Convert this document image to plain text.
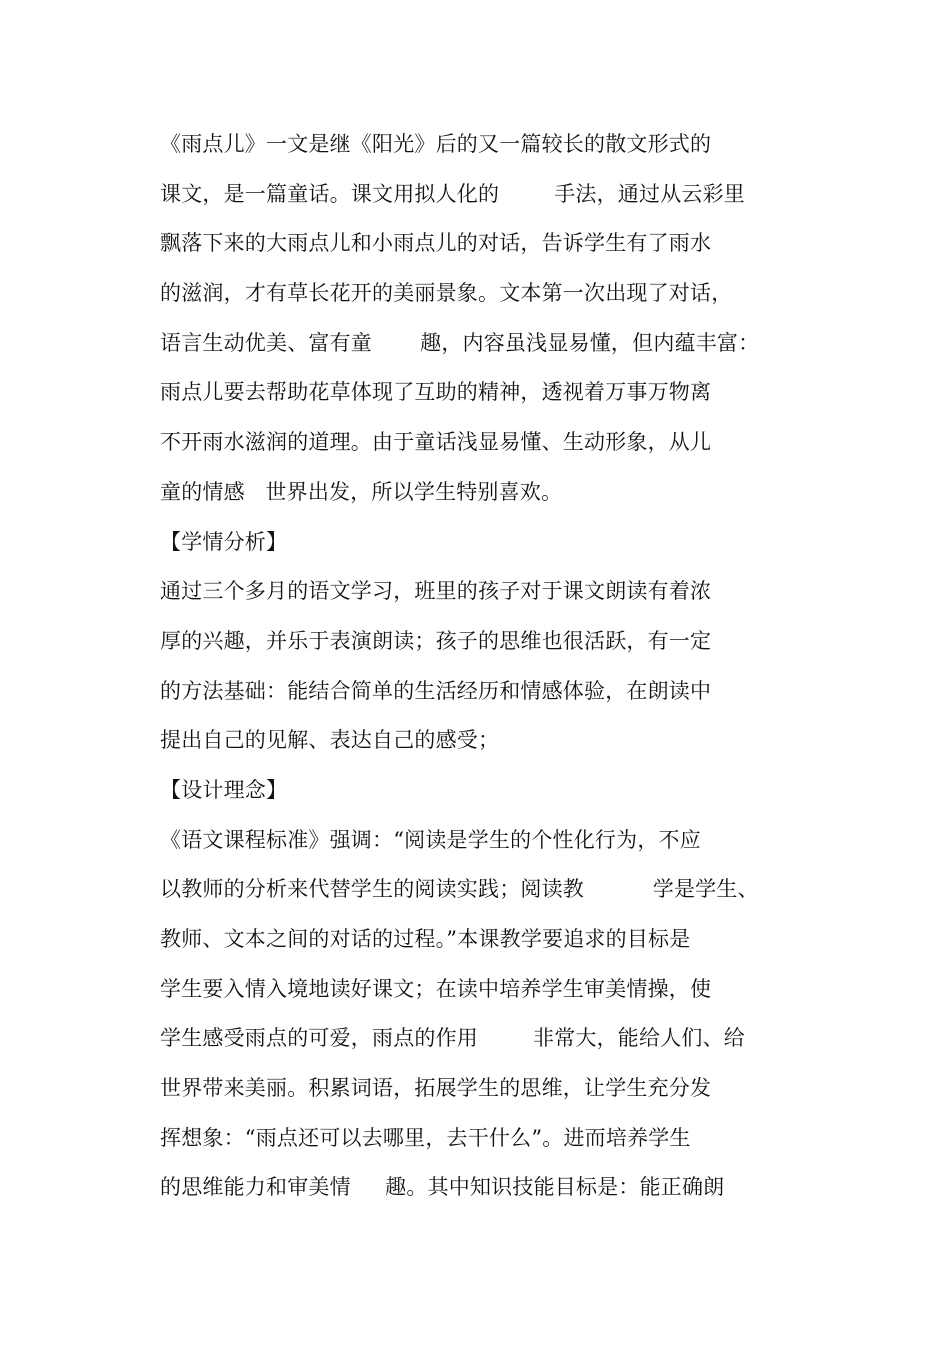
《雨点儿》一文是继《阳光》后的又一篇较长的散文形式的
课文，是一篇童话。课文用拟人化的        手法，通过从云彩里
飘落下来的大雨点儿和小雨点儿的对话，告诉学生有了雨水
的滋润，才有草长花开的美丽景象。文本第一次出现了对话，
语言生动优美、富有童       趣，内容虽浅显易懂，但内蕴丰富：
雨点儿要去帮助花草体现了互助的精神，透视着万事万物离
不开雨水滋润的道理。由于童话浅显易懂、生动形象，从儿
童的情感   世界出发，所以学生特别喜欢。
【学情分析】
通过三个多月的语文学习，班里的孩子对于课文朗读有着浓
厚的兴趣，并乐于表演朗读；孩子的思维也很活跃，有一定
的方法基础：能结合简单的生活经历和情感体验，在朗读中
提出自己的见解、表达自己的感受；
【设计理念】
《语文课程标准》强调：“阅读是学生的个性化行为，不应
以教师的分析来代替学生的阅读实践；阅读教          学是学生、
教师、文本之间的对话的过程。”本课教学要追求的目标是
学生要入情入境地读好课文；在读中培养学生审美情操，使
学生感受雨点的可爱，雨点的作用        非常大，能给人们、给
世界带来美丽。积累词语，拓展学生的思维，让学生充分发
挥想象：“雨点还可以去哪里，去干什么”。进而培养学生
的思维能力和审美情     趣。其中知识技能目标是：能正确朗
